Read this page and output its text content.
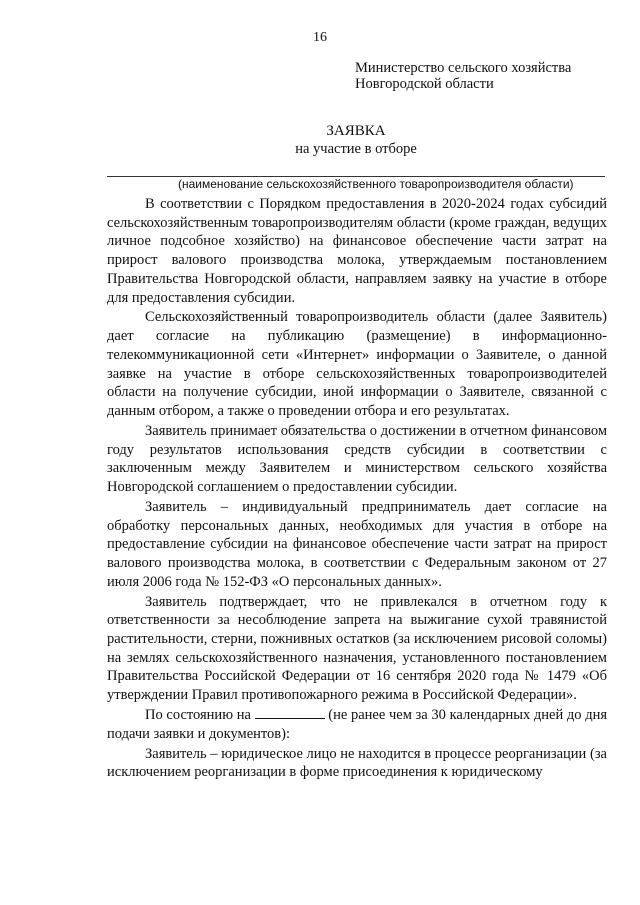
16
Министерство сельского хозяйства
Новгородской области
ЗАЯВКА
на участие в отборе
(наименование сельскохозяйственного товаропроизводителя области)

В соответствии с Порядком предоставления в 2020-2024 годах субсидий сельскохозяйственным товаропроизводителям области (кроме граждан, ведущих личное подсобное хозяйство) на финансовое обеспечение части затрат на прирост валового производства молока, утверждаемым постановлением Правительства Новгородской области, направляем заявку на участие в отборе для предоставления субсидии.

Сельскохозяйственный товаропроизводитель области (далее Заявитель) дает согласие на публикацию (размещение) в информационно-телекоммуникационной сети «Интернет» информации о Заявителе, о данной заявке на участие в отборе сельскохозяйственных товаропроизводителей области на получение субсидии, иной информации о Заявителе, связанной с данным отбором, а также о проведении отбора и его результатах.

Заявитель принимает обязательства о достижении в отчетном финансовом году результатов использования средств субсидии в соответствии с заключенным между Заявителем и министерством сельского хозяйства Новгородской соглашением о предоставлении субсидии.

Заявитель – индивидуальный предприниматель дает согласие на обработку персональных данных, необходимых для участия в отборе на предоставление субсидии на финансовое обеспечение части затрат на прирост валового производства молока, в соответствии с Федеральным законом от 27 июля 2006 года № 152-ФЗ «О персональных данных».

Заявитель подтверждает, что не привлекался в отчетном году к ответственности за несоблюдение запрета на выжигание сухой травянистой растительности, стерни, пожнивных остатков (за исключением рисовой соломы) на землях сельскохозяйственного назначения, установленного постановлением Правительства Российской Федерации от 16 сентября 2020 года № 1479 «Об утверждении Правил противопожарного режима в Российской Федерации».

По состоянию на	(не ранее чем за 30 календарных дней до дня подачи заявки и документов):

Заявитель – юридическое лицо не находится в процессе реорганизации (за исключением реорганизации в форме присоединения к юридическому
